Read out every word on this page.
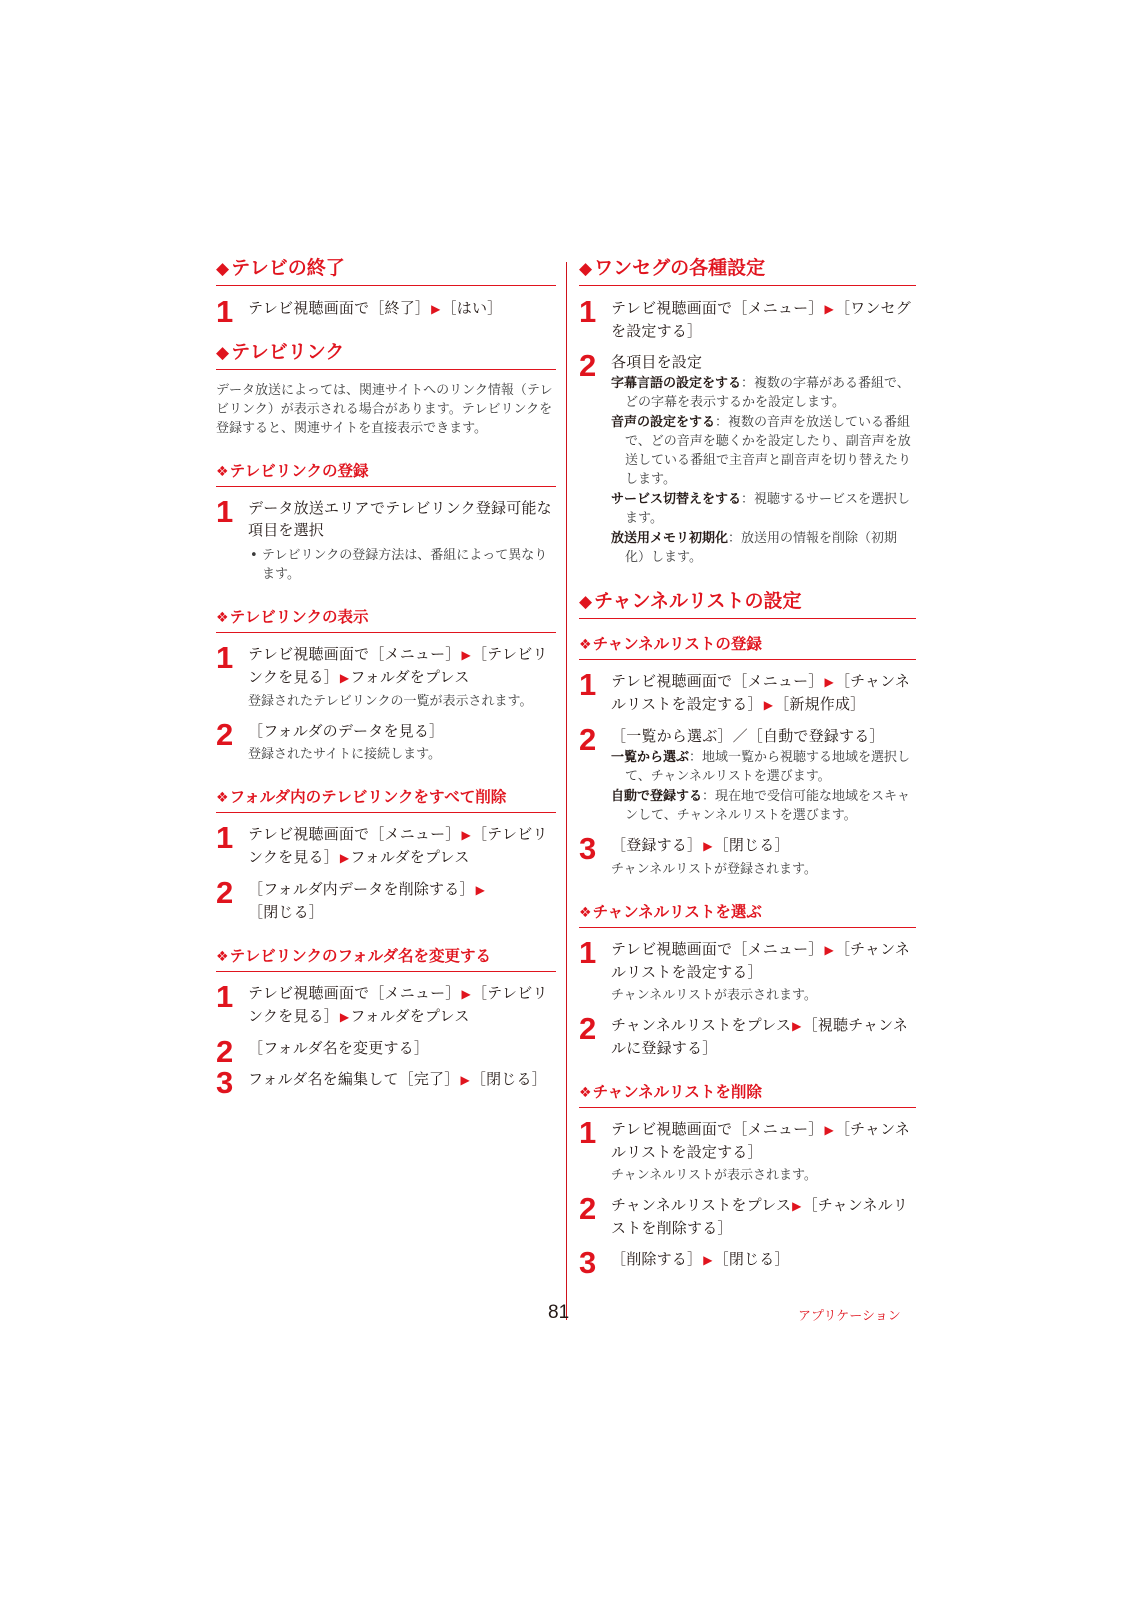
◆ テレビの終了
1 テレビ視聴画面で［終了］▶［はい］
◆ テレビリンク
データ放送によっては、関連サイトへのリンク情報（テレビリンク）が表示される場合があります。テレビリンクを登録すると、関連サイトを直接表示できます。
❖テレビリンクの登録
1 データ放送エリアでテレビリンク登録可能な項目を選択
• テレビリンクの登録方法は、番組によって異なります。
❖テレビリンクの表示
1 テレビ視聴画面で［メニュー］▶［テレビリンクを見る］▶フォルダをプレス
登録されたテレビリンクの一覧が表示されます。
2 ［フォルダのデータを見る］
登録されたサイトに接続します。
❖フォルダ内のテレビリンクをすべて削除
1 テレビ視聴画面で［メニュー］▶［テレビリンクを見る］▶フォルダをプレス
2 ［フォルダ内データを削除する］▶［閉じる］
❖テレビリンクのフォルダ名を変更する
1 テレビ視聴画面で［メニュー］▶［テレビリンクを見る］▶フォルダをプレス
2 ［フォルダ名を変更する］
3 フォルダ名を編集して［完了］▶［閉じる］
◆ ワンセグの各種設定
1 テレビ視聴画面で［メニュー］▶［ワンセグを設定する］
2 各項目を設定
字幕言語の設定をする：複数の字幕がある番組で、どの字幕を表示するかを設定します。
音声の設定をする：複数の音声を放送している番組で、どの音声を聴くかを設定したり、副音声を放送している番組で主音声と副音声を切り替えたりします。
サービス切替えをする：視聴するサービスを選択します。
放送用メモリ初期化：放送用の情報を削除（初期化）します。
◆ チャンネルリストの設定
❖チャンネルリストの登録
1 テレビ視聴画面で［メニュー］▶［チャンネルリストを設定する］▶［新規作成］
2 ［一覧から選ぶ］／［自動で登録する］
一覧から選ぶ：地域一覧から視聴する地域を選択して、チャンネルリストを選びます。
自動で登録する：現在地で受信可能な地域をスキャンして、チャンネルリストを選びます。
3 ［登録する］▶［閉じる］
チャンネルリストが登録されます。
❖チャンネルリストを選ぶ
1 テレビ視聴画面で［メニュー］▶［チャンネルリストを設定する］
チャンネルリストが表示されます。
2 チャンネルリストをプレス▶［視聴チャンネルに登録する］
❖チャンネルリストを削除
1 テレビ視聴画面で［メニュー］▶［チャンネルリストを設定する］
チャンネルリストが表示されます。
2 チャンネルリストをプレス▶［チャンネルリストを削除する］
3 ［削除する］▶［閉じる］
81	アプリケーション
